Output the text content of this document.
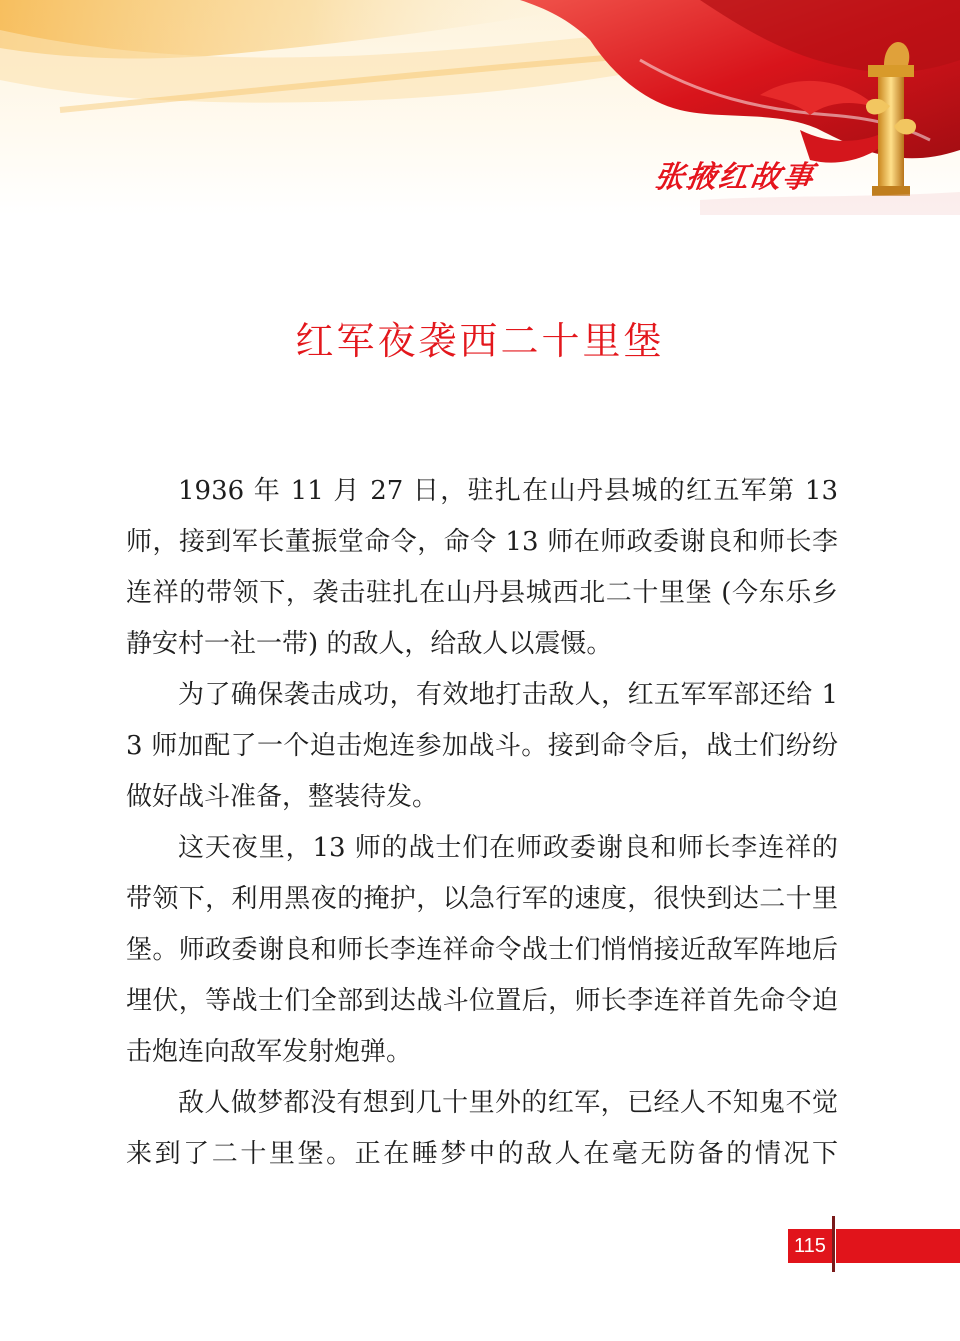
张掖红故事
红军夜袭西二十里堡

1936 年 11 月 27 日，驻扎在山丹县城的红五军第 13 师，接到军长董振堂命令，命令 13 师在师政委谢良和师长李连祥的带领下，袭击驻扎在山丹县城西北二十里堡 (今东乐乡静安村一社一带) 的敌人，给敌人以震慑。

为了确保袭击成功，有效地打击敌人，红五军军部还给 13 师加配了一个迫击炮连参加战斗。接到命令后，战士们纷纷做好战斗准备，整装待发。

这天夜里，13 师的战士们在师政委谢良和师长李连祥的带领下，利用黑夜的掩护，以急行军的速度，很快到达二十里堡。师政委谢良和师长李连祥命令战士们悄悄接近敌军阵地后埋伏，等战士们全部到达战斗位置后，师长李连祥首先命令迫击炮连向敌军发射炮弹。

敌人做梦都没有想到几十里外的红军，已经人不知鬼不觉来到了二十里堡。正在睡梦中的敌人在毫无防备的情况下

115
